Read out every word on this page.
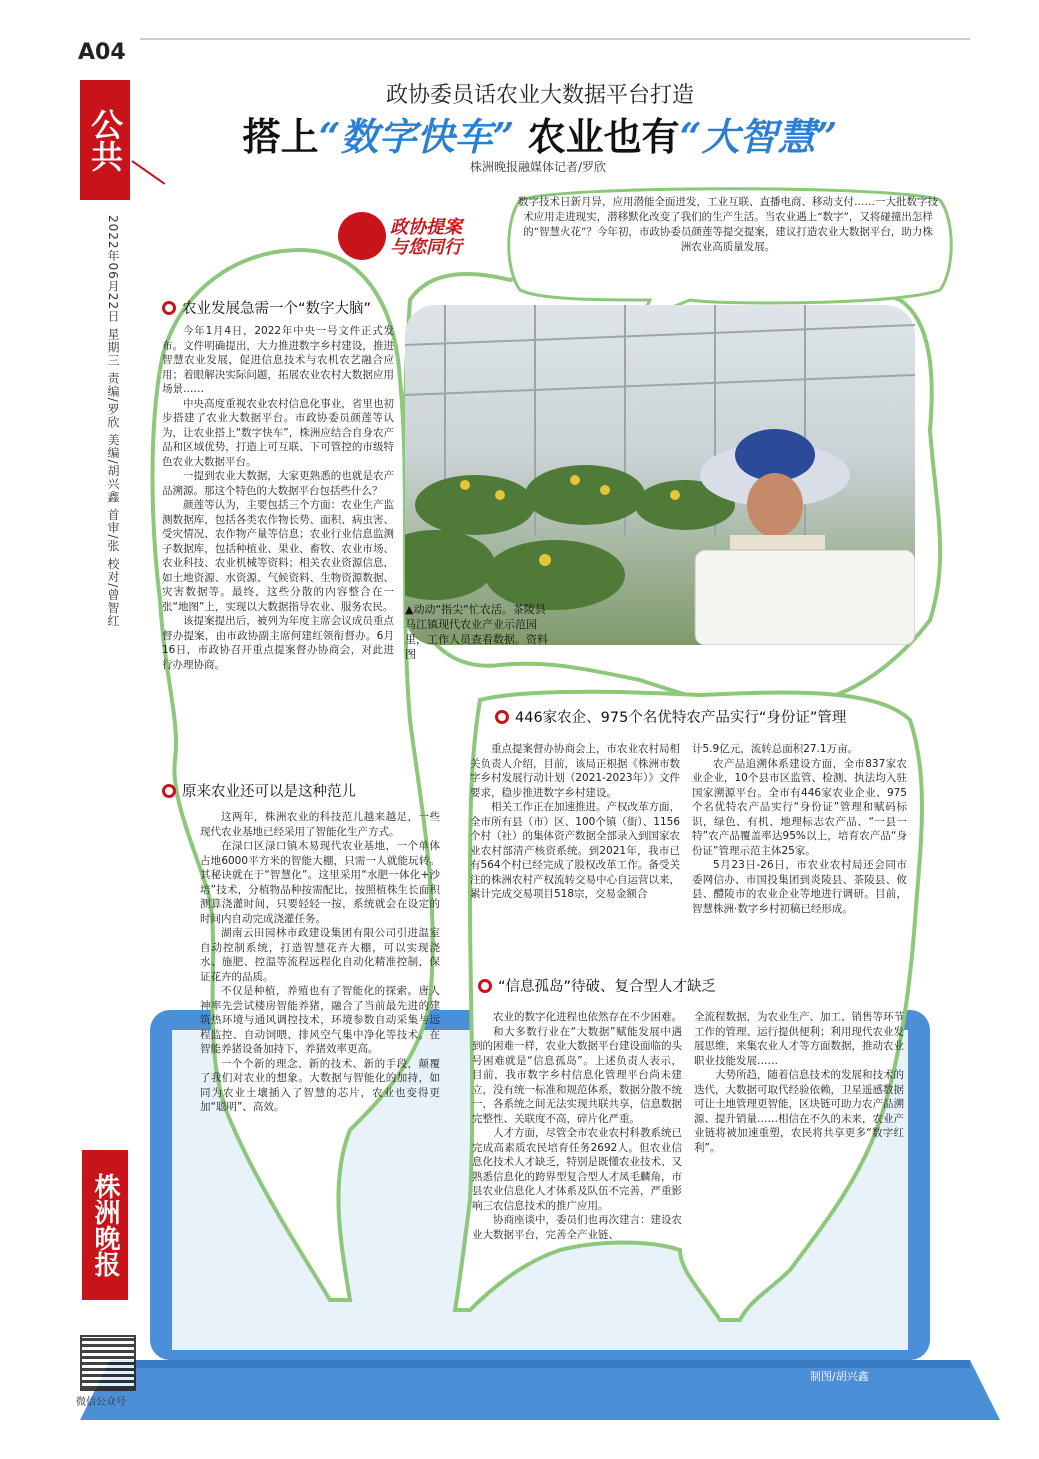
A04
公共
2022年06月22日 星期三 责编/罗欣 美编/胡兴鑫 首审/张 校对/曾智红
株洲晚报
微信公众号
政协委员话农业大数据平台打造
搭上“数字快车” 农业也有“大智慧”
株洲晚报融媒体记者/罗欣
政协提案
与您同行
数字技术日新月异，应用潜能全面迸发，工业互联、直播电商、移动支付……一大批数字技术应用走进现实，潜移默化改变了我们的生产生活。当农业遇上“数字”，又将碰撞出怎样的“智慧火花”？今年初，市政协委员颜莲等提交提案，建议打造农业大数据平台，助力株洲农业高质量发展。
▲动动“指尖”忙农活。茶陵县马江镇现代农业产业示范园里，工作人员查看数据。资料图
农业发展急需一个“数字大脑”

今年1月4日，2022年中央一号文件正式发布。文件明确提出，大力推进数字乡村建设，推进智慧农业发展，促进信息技术与农机农艺融合应用；着眼解决实际问题，拓展农业农村大数据应用场景……

中央高度重视农业农村信息化事业，省里也初步搭建了农业大数据平台。市政协委员颜莲等认为，让农业搭上“数字快车”，株洲应结合自身农产品和区域优势，打造上可互联、下可管控的市级特色农业大数据平台。

一提到农业大数据，大家更熟悉的也就是农产品溯源。那这个特色的大数据平台包括些什么？

颜莲等认为，主要包括三个方面：农业生产监测数据库，包括各类农作物长势、面积、病虫害、受灾情况、农作物产量等信息；农业行业信息监测子数据库，包括种植业、果业、畜牧、农业市场、农业科技、农业机械等资料；相关农业资源信息，如土地资源、水资源、气候资料、生物资源数据、灾害数据等。最终，这些分散的内容整合在一张“地图”上，实现以大数据指导农业、服务农民。

该提案提出后，被列为年度主席会议成员重点督办提案，由市政协副主席何建红领衔督办。6月16日，市政协召开重点提案督办协商会，对此进行办理协商。

原来农业还可以是这种范儿

这两年，株洲农业的科技范儿越来越足，一些现代农业基地已经采用了智能化生产方式。

在渌口区渌口镇木易现代农业基地，一个单体占地6000平方米的智能大棚，只需一人就能玩转。其秘诀就在于“智慧化”。这里采用“水肥一体化+沙培”技术，分植物品种按需配比，按照植株生长面积测算浇灌时间，只要轻轻一按，系统就会在设定的时间内自动完成浇灌任务。

湖南云田园林市政建设集团有限公司引进温室自动控制系统，打造智慧花卉大棚，可以实现浇水、施肥、控温等流程远程化自动化精准控制，保证花卉的品质。

不仅是种植，养殖也有了智能化的探索。唐人神率先尝试楼房智能养猪，融合了当前最先进的建筑热环境与通风调控技术，环境参数自动采集与远程监控、自动饲喂、排风空气集中净化等技术。在智能养猪设备加持下，养猪效率更高。

一个个新的理念、新的技术、新的手段，颠覆了我们对农业的想象。大数据与智能化的加持，如同为农业土壤插入了智慧的芯片，农业也变得更加“聪明”、高效。

446家农企、975个名优特农产品实行“身份证”管理

重点提案督办协商会上，市农业农村局相关负责人介绍，目前，该局正根据《株洲市数字乡村发展行动计划（2021-2023年）》文件要求，稳步推进数字乡村建设。

相关工作正在加速推进。产权改革方面，全市所有县（市）区、100个镇（街）、1156个村（社）的集体资产数据全部录入到国家农业农村部清产核资系统。到2021年，我市已有564个村已经完成了股权改革工作。备受关注的株洲农村产权流转交易中心自运营以来，累计完成交易项目518宗，交易金额合

计5.9亿元，流转总面积27.1万亩。

农产品追溯体系建设方面，全市837家农业企业，10个县市区监管、检测、执法均入驻国家溯源平台。全市有446家农业企业、975个名优特农产品实行“身份证”管理和赋码标识，绿色、有机、地理标志农产品、“一县一特”农产品覆盖率达95%以上，培育农产品“身份证”管理示范主体25家。

5月23日-26日，市农业农村局还会同市委网信办、市国投集团到炎陵县、茶陵县、攸县、醴陵市的农业企业等地进行调研。目前，智慧株洲·数字乡村初稿已经形成。

“信息孤岛”待破、复合型人才缺乏

农业的数字化进程也依然存在不少困难。

和大多数行业在“大数据”赋能发展中遇到的困难一样，农业大数据平台建设面临的头号困难就是“信息孤岛”。上述负责人表示，目前，我市数字乡村信息化管理平台尚未建立，没有统一标准和规范体系，数据分散不统一，各系统之间无法实现共联共享，信息数据完整性、关联度不高，碎片化严重。

人才方面，尽管全市农业农村科教系统已完成高素质农民培育任务2692人。但农业信息化技术人才缺乏，特别是既懂农业技术、又熟悉信息化的跨界型复合型人才凤毛麟角，市县农业信息化人才体系及队伍不完善，严重影响三农信息技术的推广应用。

协商座谈中，委员们也再次建言：建设农业大数据平台，完善全产业链、

全流程数据，为农业生产、加工、销售等环节工作的管理、运行提供便利；利用现代农业发展思维，来集农业人才等方面数据，推动农业职业技能发展……

大势所趋，随着信息技术的发展和技术的迭代，大数据可取代经验依赖，卫星遥感数据可让土地管理更智能，区块链可助力农产品溯源、提升销量……相信在不久的未来，农业产业链将被加速重塑，农民将共享更多“数字红利”。

制图/胡兴鑫
